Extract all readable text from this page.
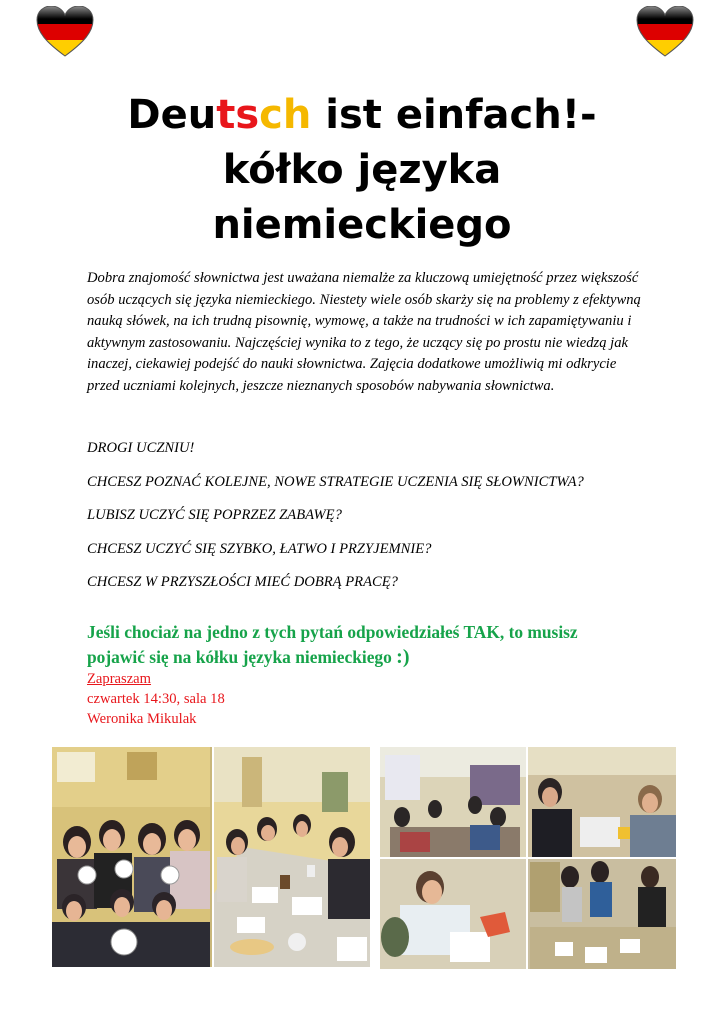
Deutsch ist einfach!-
kółko języka
niemieckiego

Dobra znajomość słownictwa jest uważana niemalże za kluczową umiejętność przez większość osób uczących się języka niemieckiego. Niestety wiele osób skarży się na problemy z efektywną nauką słówek, na ich trudną pisownię, wymowę, a także na trudności w ich zapamiętywaniu i aktywnym zastosowaniu. Najczęściej wynika to z tego, że uczący się po prostu nie wiedzą jak inaczej, ciekawiej podejść do nauki słownictwa. Zajęcia dodatkowe umożliwią mi odkrycie przed uczniami kolejnych, jeszcze nieznanych sposobów nabywania słownictwa.

DROGI UCZNIU!
CHCESZ POZNAĆ KOLEJNE, NOWE STRATEGIE UCZENIA SIĘ SŁOWNICTWA?
LUBISZ UCZYĆ SIĘ POPRZEZ ZABAWĘ?
CHCESZ UCZYĆ SIĘ SZYBKO, ŁATWO I PRZYJEMNIE?
CHCESZ W PRZYSZŁOŚCI MIEĆ DOBRĄ PRACĘ?

Jeśli chociaż na jedno z tych pytań odpowiedziałeś TAK, to musisz
pojawić się na kółku języka niemieckiego :)

Zapraszam
czwartek 14:30, sala 18
Weronika Mikulak
